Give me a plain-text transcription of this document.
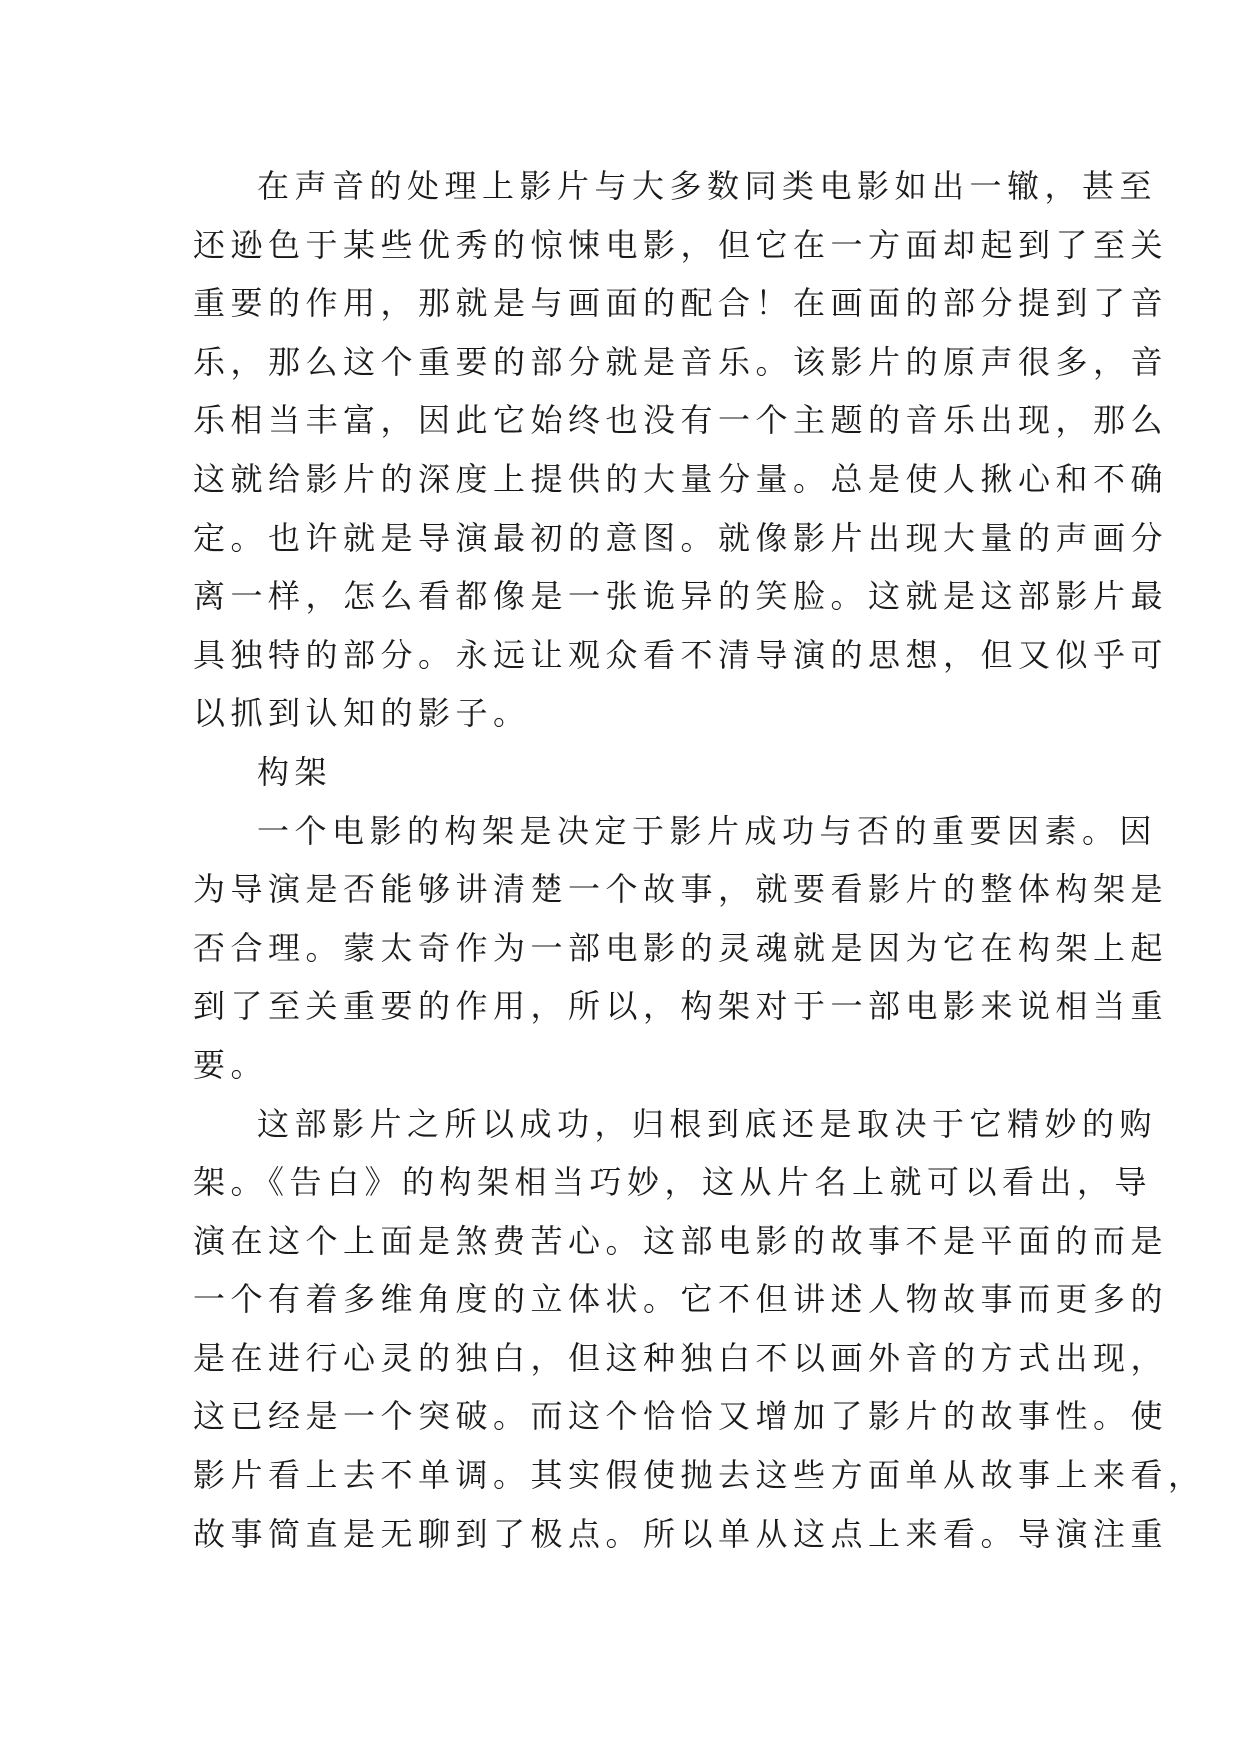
在声音的处理上影片与大多数同类电影如出一辙，甚至
还逊色于某些优秀的惊悚电影，但它在一方面却起到了至关
重要的作用，那就是与画面的配合！在画面的部分提到了音
乐，那么这个重要的部分就是音乐。该影片的原声很多，音
乐相当丰富，因此它始终也没有一个主题的音乐出现，那么
这就给影片的深度上提供的大量分量。总是使人揪心和不确
定。也许就是导演最初的意图。就像影片出现大量的声画分
离一样，怎么看都像是一张诡异的笑脸。这就是这部影片最
具独特的部分。永远让观众看不清导演的思想，但又似乎可
以抓到认知的影子。
构架
一个电影的构架是决定于影片成功与否的重要因素。因
为导演是否能够讲清楚一个故事，就要看影片的整体构架是
否合理。蒙太奇作为一部电影的灵魂就是因为它在构架上起
到了至关重要的作用，所以，构架对于一部电影来说相当重
要。
这部影片之所以成功，归根到底还是取决于它精妙的购
架。《告白》的构架相当巧妙，这从片名上就可以看出，导
演在这个上面是煞费苦心。这部电影的故事不是平面的而是
一个有着多维角度的立体状。它不但讲述人物故事而更多的
是在进行心灵的独白，但这种独白不以画外音的方式出现，
这已经是一个突破。而这个恰恰又增加了影片的故事性。使
影片看上去不单调。其实假使抛去这些方面单从故事上来看，
故事简直是无聊到了极点。所以单从这点上来看。导演注重
